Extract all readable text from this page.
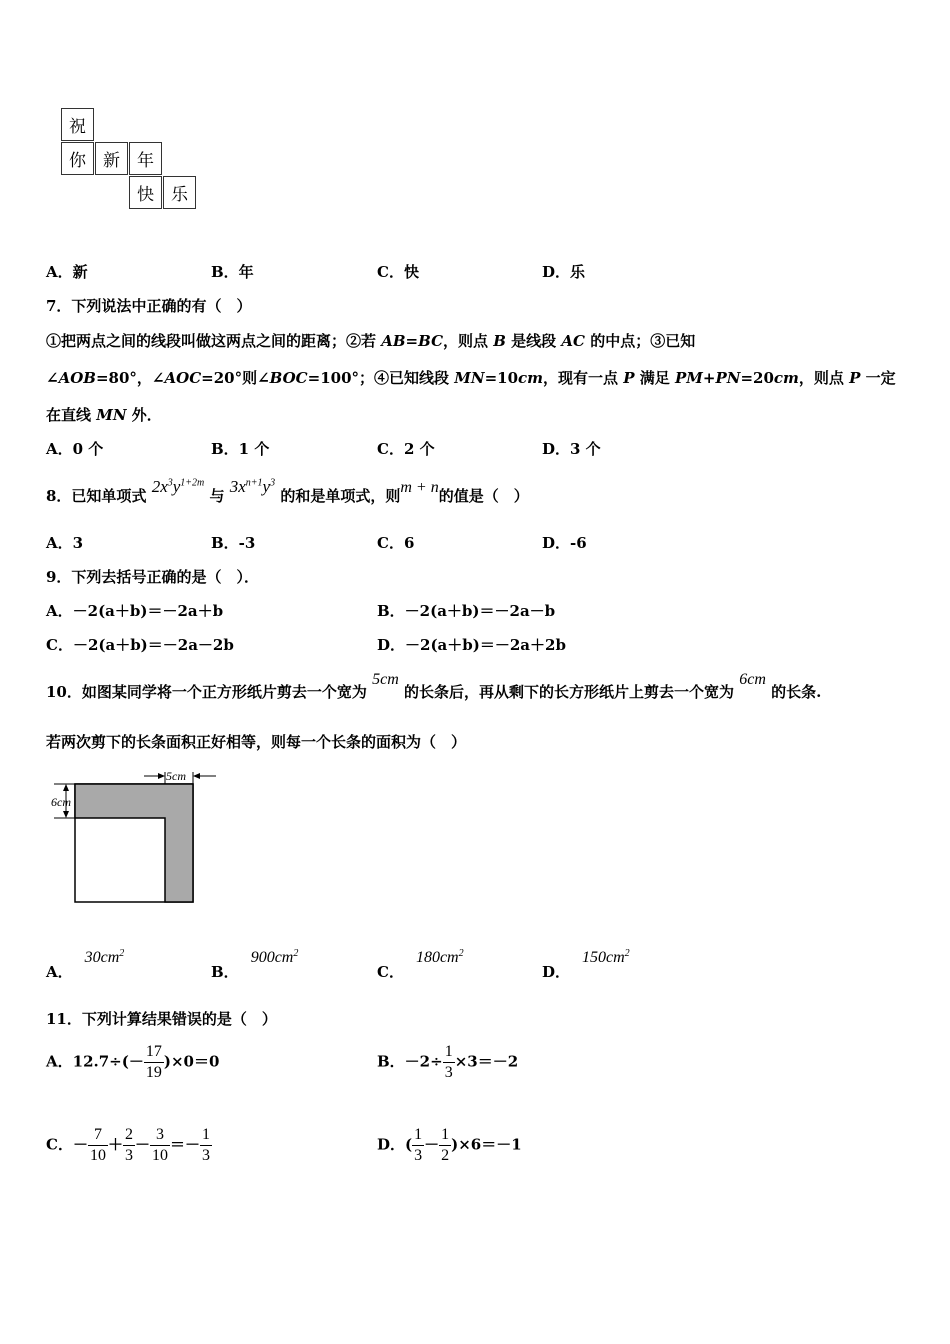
祝
你	新	年
快	乐
A．新	B．年	C．快	D．乐
7．下列说法中正确的有（　）
①把两点之间的线段叫做这两点之间的距离；②若 AB=BC，则点 B 是线段 AC 的中点；③已知
∠AOB=80°，∠AOC=20°则∠BOC=100°；④已知线段 MN=10cm，现有一点 P 满足 PM+PN=20cm，则点 P 一定
在直线 MN 外．
A．0 个	B．1 个	C．2 个	D．3 个
8．已知单项式 $2x^3y^{1+2m}$ 与 $3x^{n+1}y^3$ 的和是单项式，则m + n的值是（　）
A．3	B．-3	C．6	D．-6
9．下列去括号正确的是（　）．
A．－2(a＋b)＝－2a＋b	B．－2(a＋b)＝－2a－b
C．－2(a＋b)＝－2a－2b	D．－2(a＋b)＝－2a＋2b
10．如图某同学将一个正方形纸片剪去一个宽为 5cm 的长条后，再从剩下的长方形纸片上剪去一个宽为 6cm 的长条.
若两次剪下的长条面积正好相等，则每一个长条的面积为（　）
5cm
6cm
A．$30cm^2$
B．$900cm^2$
C．$180cm^2$
D．$150cm^2$
11．下列计算结果错误的是（　）
A．$12.7\div(- \frac{17}{19} )\times 0=0$	B．$-2\div \frac{1}{3} \times 3=-2$
C．－ $\frac{7}{10} + \frac{2}{3} - \frac{3}{10} =- \frac{1}{3}$	D．( $\frac{1}{3} - \frac{1}{2} )\times 6=-1$
